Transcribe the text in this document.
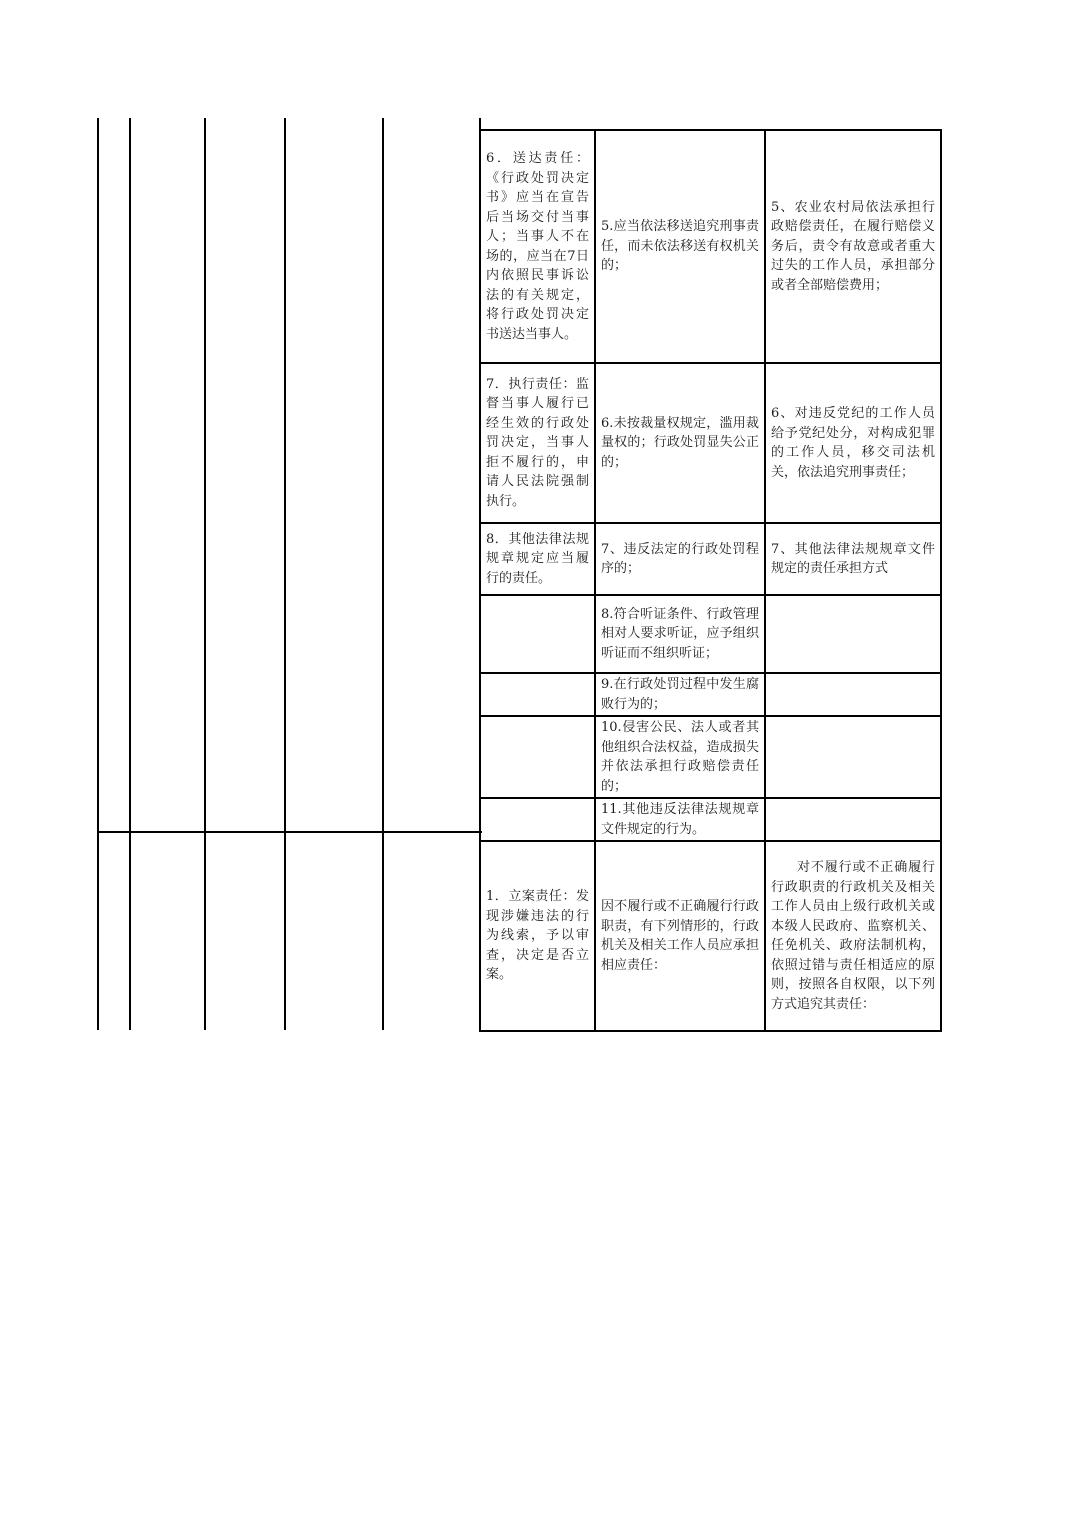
6．送达责任：《行政处罚决定书》应当在宣告后当场交付当事人；当事人不在场的，应当在7日内依照民事诉讼法的有关规定，将行政处罚决定书送达当事人。	5.应当依法移送追究刑事责任，而未依法移送有权机关的；	5、农业农村局依法承担行政赔偿责任，在履行赔偿义务后，责令有故意或者重大过失的工作人员，承担部分或者全部赔偿费用；
7．执行责任：监督当事人履行已经生效的行政处罚决定，当事人拒不履行的，申请人民法院强制执行。	6.未按裁量权规定，滥用裁量权的；行政处罚显失公正的；	6、对违反党纪的工作人员给予党纪处分，对构成犯罪的工作人员，移交司法机关，依法追究刑事责任；
8．其他法律法规规章规定应当履行的责任。	7、违反法定的行政处罚程序的；	7、其他法律法规规章文件规定的责任承担方式
	8.符合听证条件、行政管理相对人要求听证，应予组织听证而不组织听证；	
	9.在行政处罚过程中发生腐败行为的；	
	10.侵害公民、法人或者其他组织合法权益，造成损失并依法承担行政赔偿责任的；	
	11.其他违反法律法规规章文件规定的行为。	
1．立案责任：发现涉嫌违法的行为线索，予以审查，决定是否立案。	因不履行或不正确履行行政职责，有下列情形的，行政机关及相关工作人员应承担相应责任：	对不履行或不正确履行行政职责的行政机关及相关工作人员由上级行政机关或本级人民政府、监察机关、任免机关、政府法制机构，依照过错与责任相适应的原则，按照各自权限，以下列方式追究其责任：
